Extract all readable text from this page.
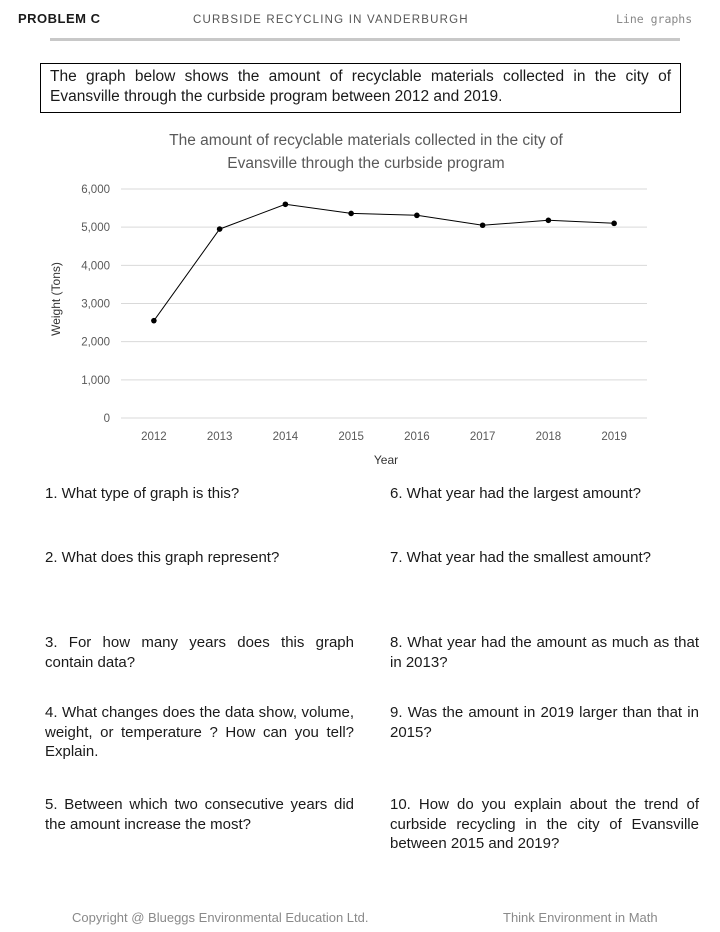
PROBLEM C	CURBSIDE RECYCLING IN VANDERBURGH	Line graphs
The graph below shows the amount of recyclable materials collected in the city of Evansville through the curbside program between 2012 and 2019.
The amount of recyclable materials collected in the city of
Evansville through the curbside program
0
1,000
2,000
3,000
4,000
5,000
6,000
2012	2013	2014	2015	2016	2017	2018	2019
Weight (Tons)
Year
1. What type of graph is this?
2. What does this graph represent?
3. For how many years does this graph contain data?
4. What changes does the data show, volume, weight, or temperature ? How can you tell? Explain.
5. Between which two consecutive years did the amount increase the most?
6. What year had the largest amount?
7. What year had the smallest amount?
8. What year had the amount as much as that in 2013?
9. Was the amount in 2019 larger than that in 2015?
10. How do you explain about the trend of curbside recycling in the city of Evansville between 2015 and 2019?
Copyright @ Blueggs Environmental Education Ltd.	Think Environment in Math
